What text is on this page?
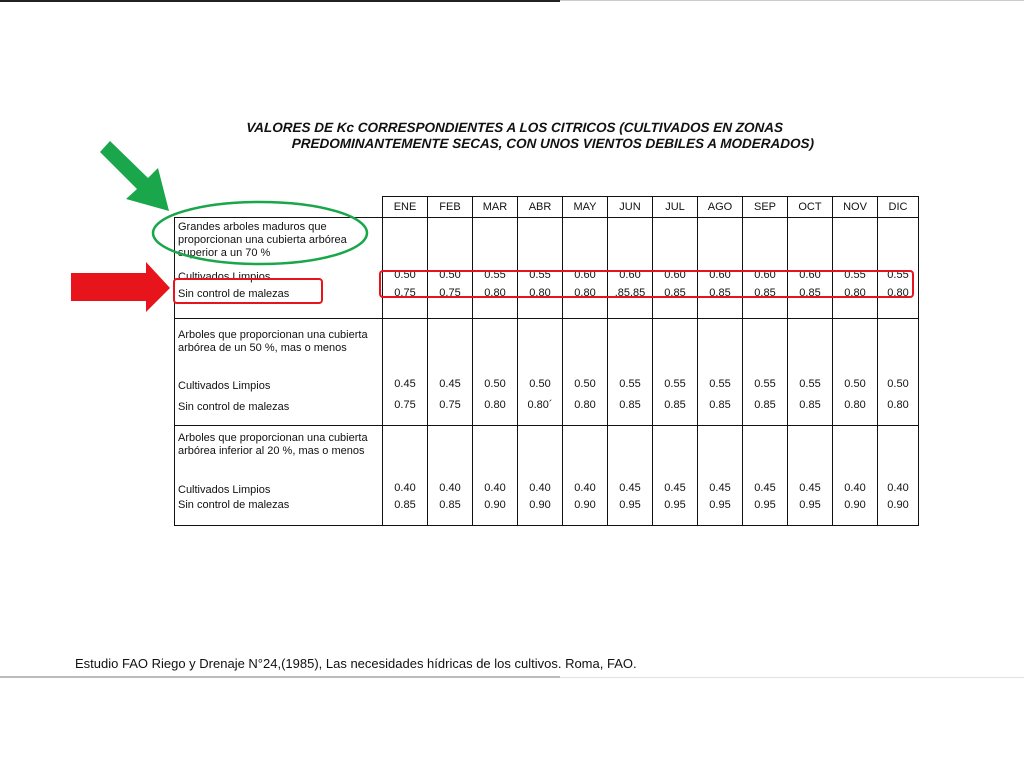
VALORES DE Kc CORRESPONDIENTES A LOS CITRICOS (CULTIVADOS EN ZONAS
PREDOMINANTEMENTE SECAS, CON UNOS VIENTOS DEBILES A MODERADOS)
	ENE	FEB	MAR	ABR	MAY	JUN	JUL	AGO	SEP	OCT	NOV	DIC
Grandes arboles maduros que proporcionan una cubierta arbórea superior a un 70 %												
Cultivados Limpios	0.50	0.50	0.55	0.55	0.60	0.60	0.60	0.60	0.60	0.60	0.55	0.55
Sin control de malezas	0.75	0.75	0.80	0.80	0.80	.85.85	0.85	0.85	0.85	0.85	0.80	0.80

Arboles que proporcionan una cubierta arbórea de un 50 %, mas o menos												
Cultivados Limpios	0.45	0.45	0.50	0.50	0.50	0.55	0.55	0.55	0.55	0.55	0.50	0.50
Sin control de malezas	0.75	0.75	0.80	0.80´	0.80	0.85	0.85	0.85	0.85	0.85	0.80	0.80

Arboles que proporcionan una cubierta arbórea inferior al 20 %, mas o menos												
Cultivados Limpios	0.40	0.40	0.40	0.40	0.40	0.45	0.45	0.45	0.45	0.45	0.40	0.40
Sin control de malezas	0.85	0.85	0.90	0.90	0.90	0.95	0.95	0.95	0.95	0.95	0.90	0.90
Estudio FAO Riego y Drenaje N°24,(1985), Las necesidades hídricas de los cultivos. Roma, FAO.
